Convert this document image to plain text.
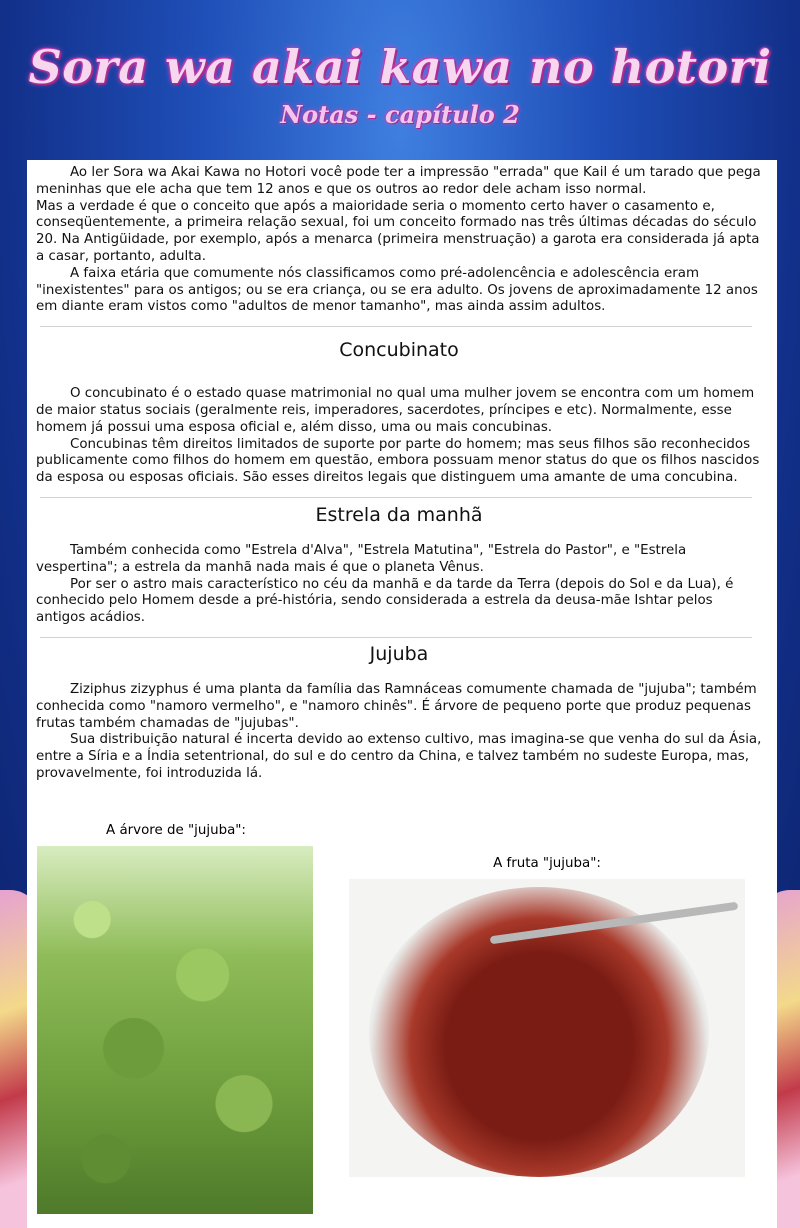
Sora wa akai kawa no hotori
Notas - capítulo 2

Ao ler Sora wa Akai Kawa no Hotori você pode ter a impressão "errada" que Kail é um tarado que pega meninhas que ele acha que tem 12 anos e que os outros ao redor dele acham isso normal.

Mas a verdade é que o conceito que após a maioridade seria o momento certo haver o casamento e, conseqüentemente, a primeira relação sexual, foi um conceito formado nas três últimas décadas do século 20. Na Antigüidade, por exemplo, após a menarca (primeira menstruação) a garota era considerada já apta a casar, portanto, adulta.

A faixa etária que comumente nós classificamos como pré-adolencência e adolescência eram "inexistentes" para os antigos; ou se era criança, ou se era adulto. Os jovens de aproximadamente 12 anos em diante eram vistos como "adultos de menor tamanho", mas ainda assim adultos.

Concubinato

O concubinato é o estado quase matrimonial no qual uma mulher jovem se encontra com um homem de maior status sociais (geralmente reis, imperadores, sacerdotes, príncipes e etc). Normalmente, esse homem já possui uma esposa oficial e, além disso, uma ou mais concubinas.

Concubinas têm direitos limitados de suporte por parte do homem; mas seus filhos são reconhecidos publicamente como filhos do homem em questão, embora possuam menor status do que os filhos nascidos da esposa ou esposas oficiais. São esses direitos legais que distinguem uma amante de uma concubina.

Estrela da manhã

Também conhecida como "Estrela d'Alva", "Estrela Matutina", "Estrela do Pastor", e "Estrela vespertina"; a estrela da manhã nada mais é que o planeta Vênus.

Por ser o astro mais característico no céu da manhã e da tarde da Terra (depois do Sol e da Lua), é conhecido pelo Homem desde a pré-história, sendo considerada a estrela da deusa-mãe Ishtar pelos antigos acádios.

Jujuba

Ziziphus zizyphus é uma planta da família das Ramnáceas comumente chamada de "jujuba"; também conhecida como "namoro vermelho", e "namoro chinês". É árvore de pequeno porte que produz pequenas frutas também chamadas de "jujubas".

Sua distribuição natural é incerta devido ao extenso cultivo, mas imagina-se que venha do sul da Ásia, entre a Síria e a Índia setentrional, do sul e do centro da China, e talvez também no sudeste Europa, mas, provavelmente, foi introduzida lá.

A árvore de "jujuba":
A fruta "jujuba":
